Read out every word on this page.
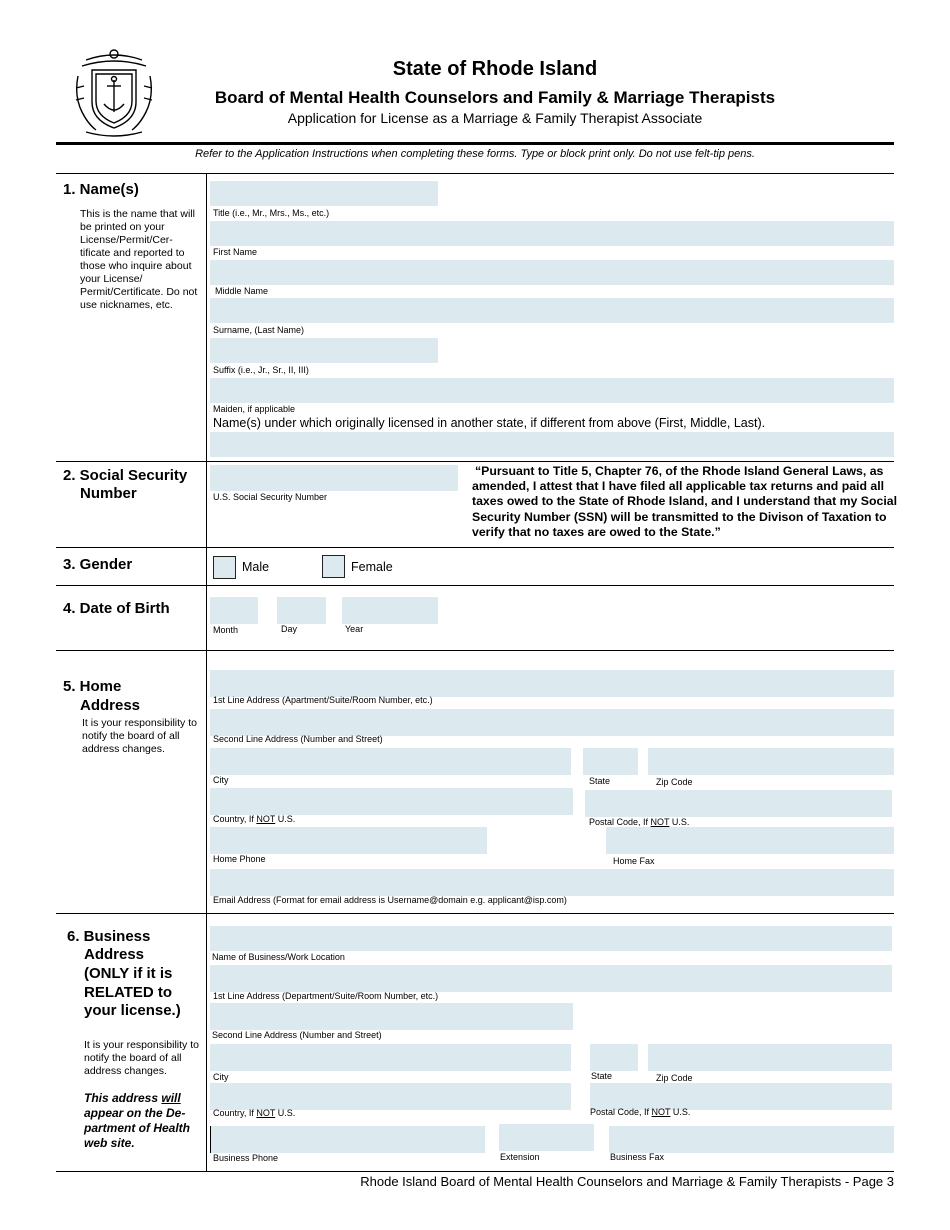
State of Rhode Island
Board of Mental Health Counselors and Family & Marriage Therapists
Application for License as a Marriage & Family Therapist Associate
Refer to the Application Instructions when completing these forms. Type or block print only. Do not use felt-tip pens.
1. Name(s)
This is the name that will be printed on your License/Permit/Cer-tificate and reported to those who inquire about your License/ Permit/Certificate. Do not use nicknames, etc.
Title (i.e., Mr., Mrs., Ms., etc.)
First Name
Middle Name
Surname, (Last Name)
Suffix (i.e., Jr., Sr., II, III)
Maiden, if applicable
Name(s) under which originally licensed in another state, if different from above (First, Middle, Last).
2. Social Security
Number	U.S. Social Security Number
“Pursuant to Title 5, Chapter 76, of the Rhode Island General Laws, as amended, I attest that I have filed all applicable tax returns and paid all taxes owed to the State of Rhode Island, and I understand that my Social Security Number (SSN) will be transmitted to the Divison of Taxation to verify that no taxes are owed to the State.”
3. Gender	Male	Female
4. Date of Birth
Month	Day	Year
5. Home
Address
It is your responsibility to notify the board of all address changes.
1st Line Address (Apartment/Suite/Room Number, etc.)
Second Line Address (Number and Street)
City	State	Zip Code
Country, If NOT U.S.	Postal Code, If NOT U.S.
Home Phone	Home Fax
Email Address (Format for email address is Username@domain e.g. applicant@isp.com)
6. Business
Address
(ONLY if it is
RELATED to
your license.)
It is your responsibility to notify the board of all address changes.
This address will appear on the De-partment of Health web site.
Name of Business/Work Location
1st Line Address (Department/Suite/Room Number, etc.)
Second Line Address (Number and Street)
City	State	Zip Code
Country, If NOT U.S.	Postal Code, If NOT U.S.
Business Phone	Extension	Business Fax
Rhode Island Board of Mental Health Counselors and Marriage & Family Therapists - Page 3
